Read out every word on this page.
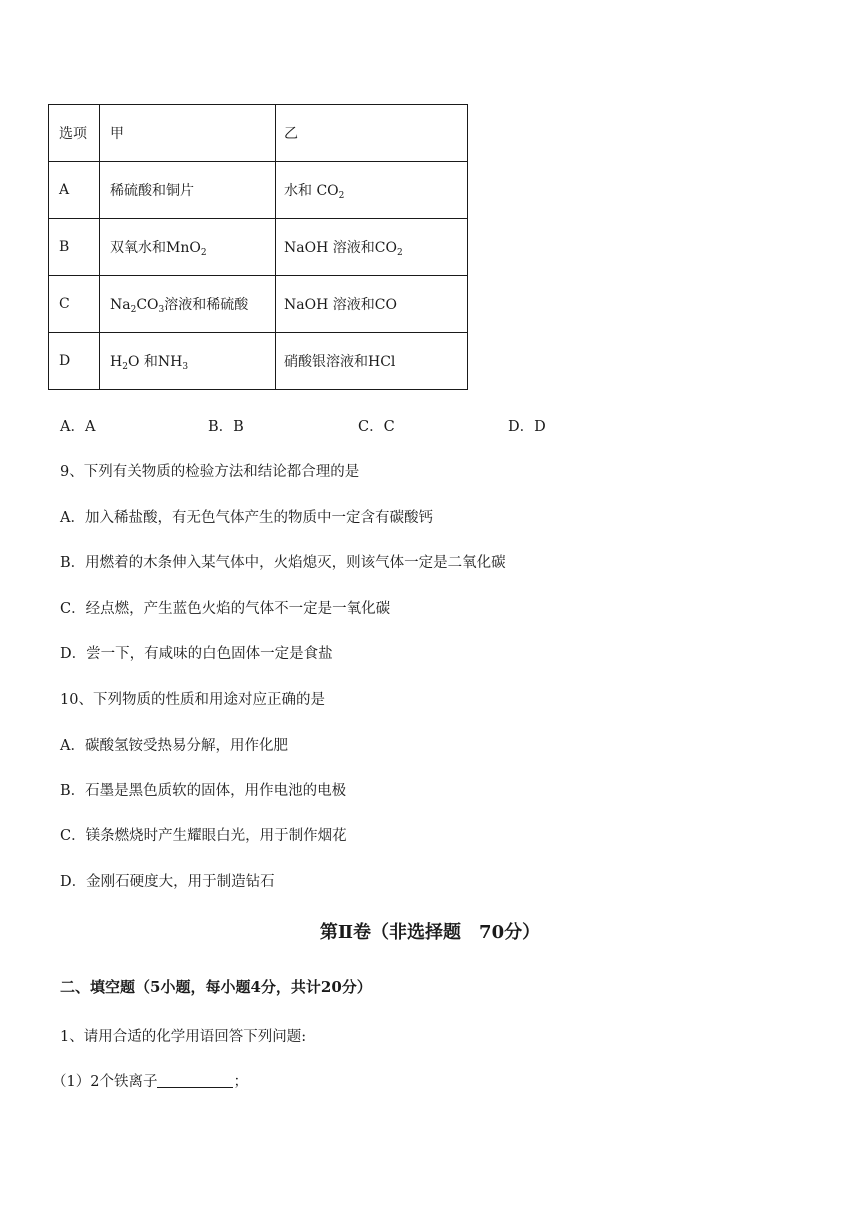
选项	甲	乙
A	稀硫酸和铜片	水和 $CO_2$
B	双氧水和MnO$_2$	NaOH 溶液和$CO_2$
C	$Na_2CO_3$溶液和稀硫酸	NaOH 溶液和CO
D	$H_2O$ 和$NH_3$	硝酸银溶液和HCl
A．A	B．B	C．C	D．D
9、下列有关物质的检验方法和结论都合理的是
A．加入稀盐酸，有无色气体产生的物质中一定含有碳酸钙
B．用燃着的木条伸入某气体中，火焰熄灭，则该气体一定是二氧化碳
C．经点燃，产生蓝色火焰的气体不一定是一氧化碳
D．尝一下，有咸味的白色固体一定是食盐
10、下列物质的性质和用途对应正确的是
A．碳酸氢铵受热易分解，用作化肥
B．石墨是黑色质软的固体，用作电池的电极
C．镁条燃烧时产生耀眼白光，用于制作烟花
D．金刚石硬度大，用于制造钻石
第Ⅱ卷（非选择题　70分）
二、填空题（5小题，每小题4分，共计20分）
1、请用合适的化学用语回答下列问题:
（1）2个铁离子	；
